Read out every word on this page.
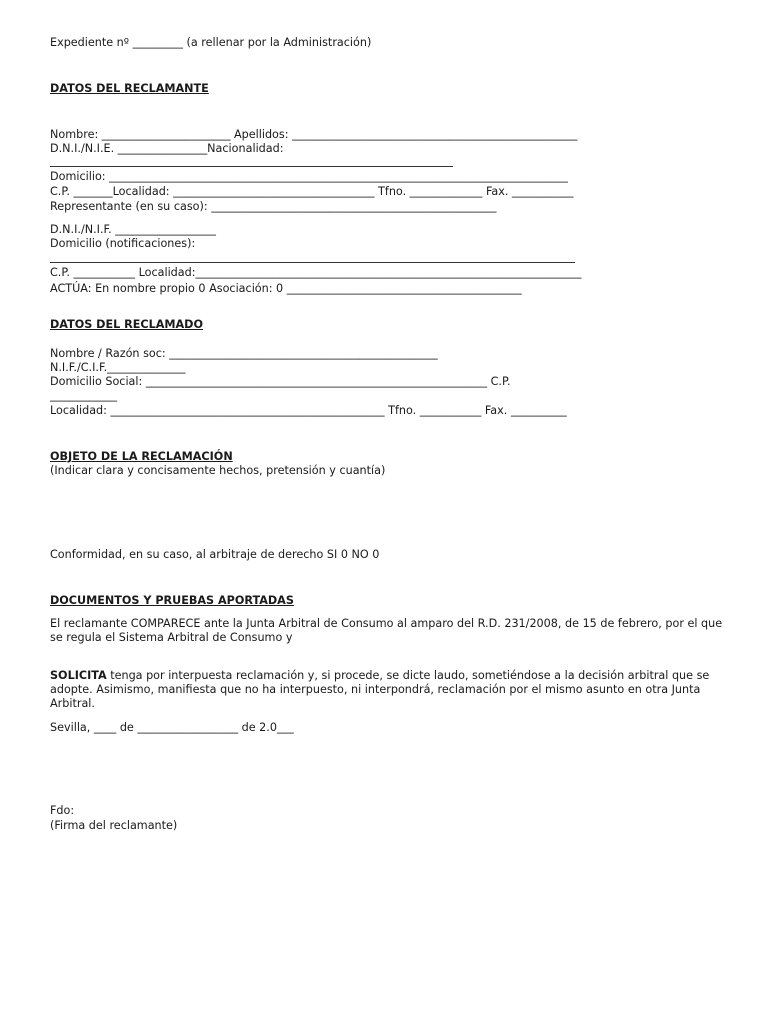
Expediente nº _________ (a rellenar por la Administración)
DATOS DEL RECLAMANTE
Nombre: _______________________ Apellidos: ___________________________________________________
D.N.I./N.I.E. ________________Nacionalidad:
Domicilio: __________________________________________________________________________________
C.P. _______Localidad: ____________________________________ Tfno. _____________ Fax. ___________
Representante (en su caso): ___________________________________________________
D.N.I./N.I.F. __________________
Domicilio (notificaciones):
C.P. ___________ Localidad:_____________________________________________________________________
ACTÚA: En nombre propio 0 Asociación: 0 __________________________________________
DATOS DEL RECLAMADO
Nombre / Razón soc: ________________________________________________
N.I.F./C.I.F.______________
Domicilio Social: _____________________________________________________________ C.P.
____________
Localidad: _________________________________________________ Tfno. ___________ Fax. __________
OBJETO DE LA RECLAMACIÓN
(Indicar clara y concisamente hechos, pretensión y cuantía)
Conformidad, en su caso, al arbitraje de derecho SI 0 NO 0
DOCUMENTOS Y PRUEBAS APORTADAS
El reclamante COMPARECE ante la Junta Arbitral de Consumo al amparo del R.D. 231/2008, de 15 de febrero, por el que se regula el Sistema Arbitral de Consumo y
SOLICITA tenga por interpuesta reclamación y, si procede, se dicte laudo, sometiéndose a la decisión arbitral que se adopte. Asimismo, manifiesta que no ha interpuesto, ni interpondrá, reclamación por el mismo asunto en otra Junta Arbitral.
Sevilla, ____ de __________________ de 2.0___
Fdo:
(Firma del reclamante)
